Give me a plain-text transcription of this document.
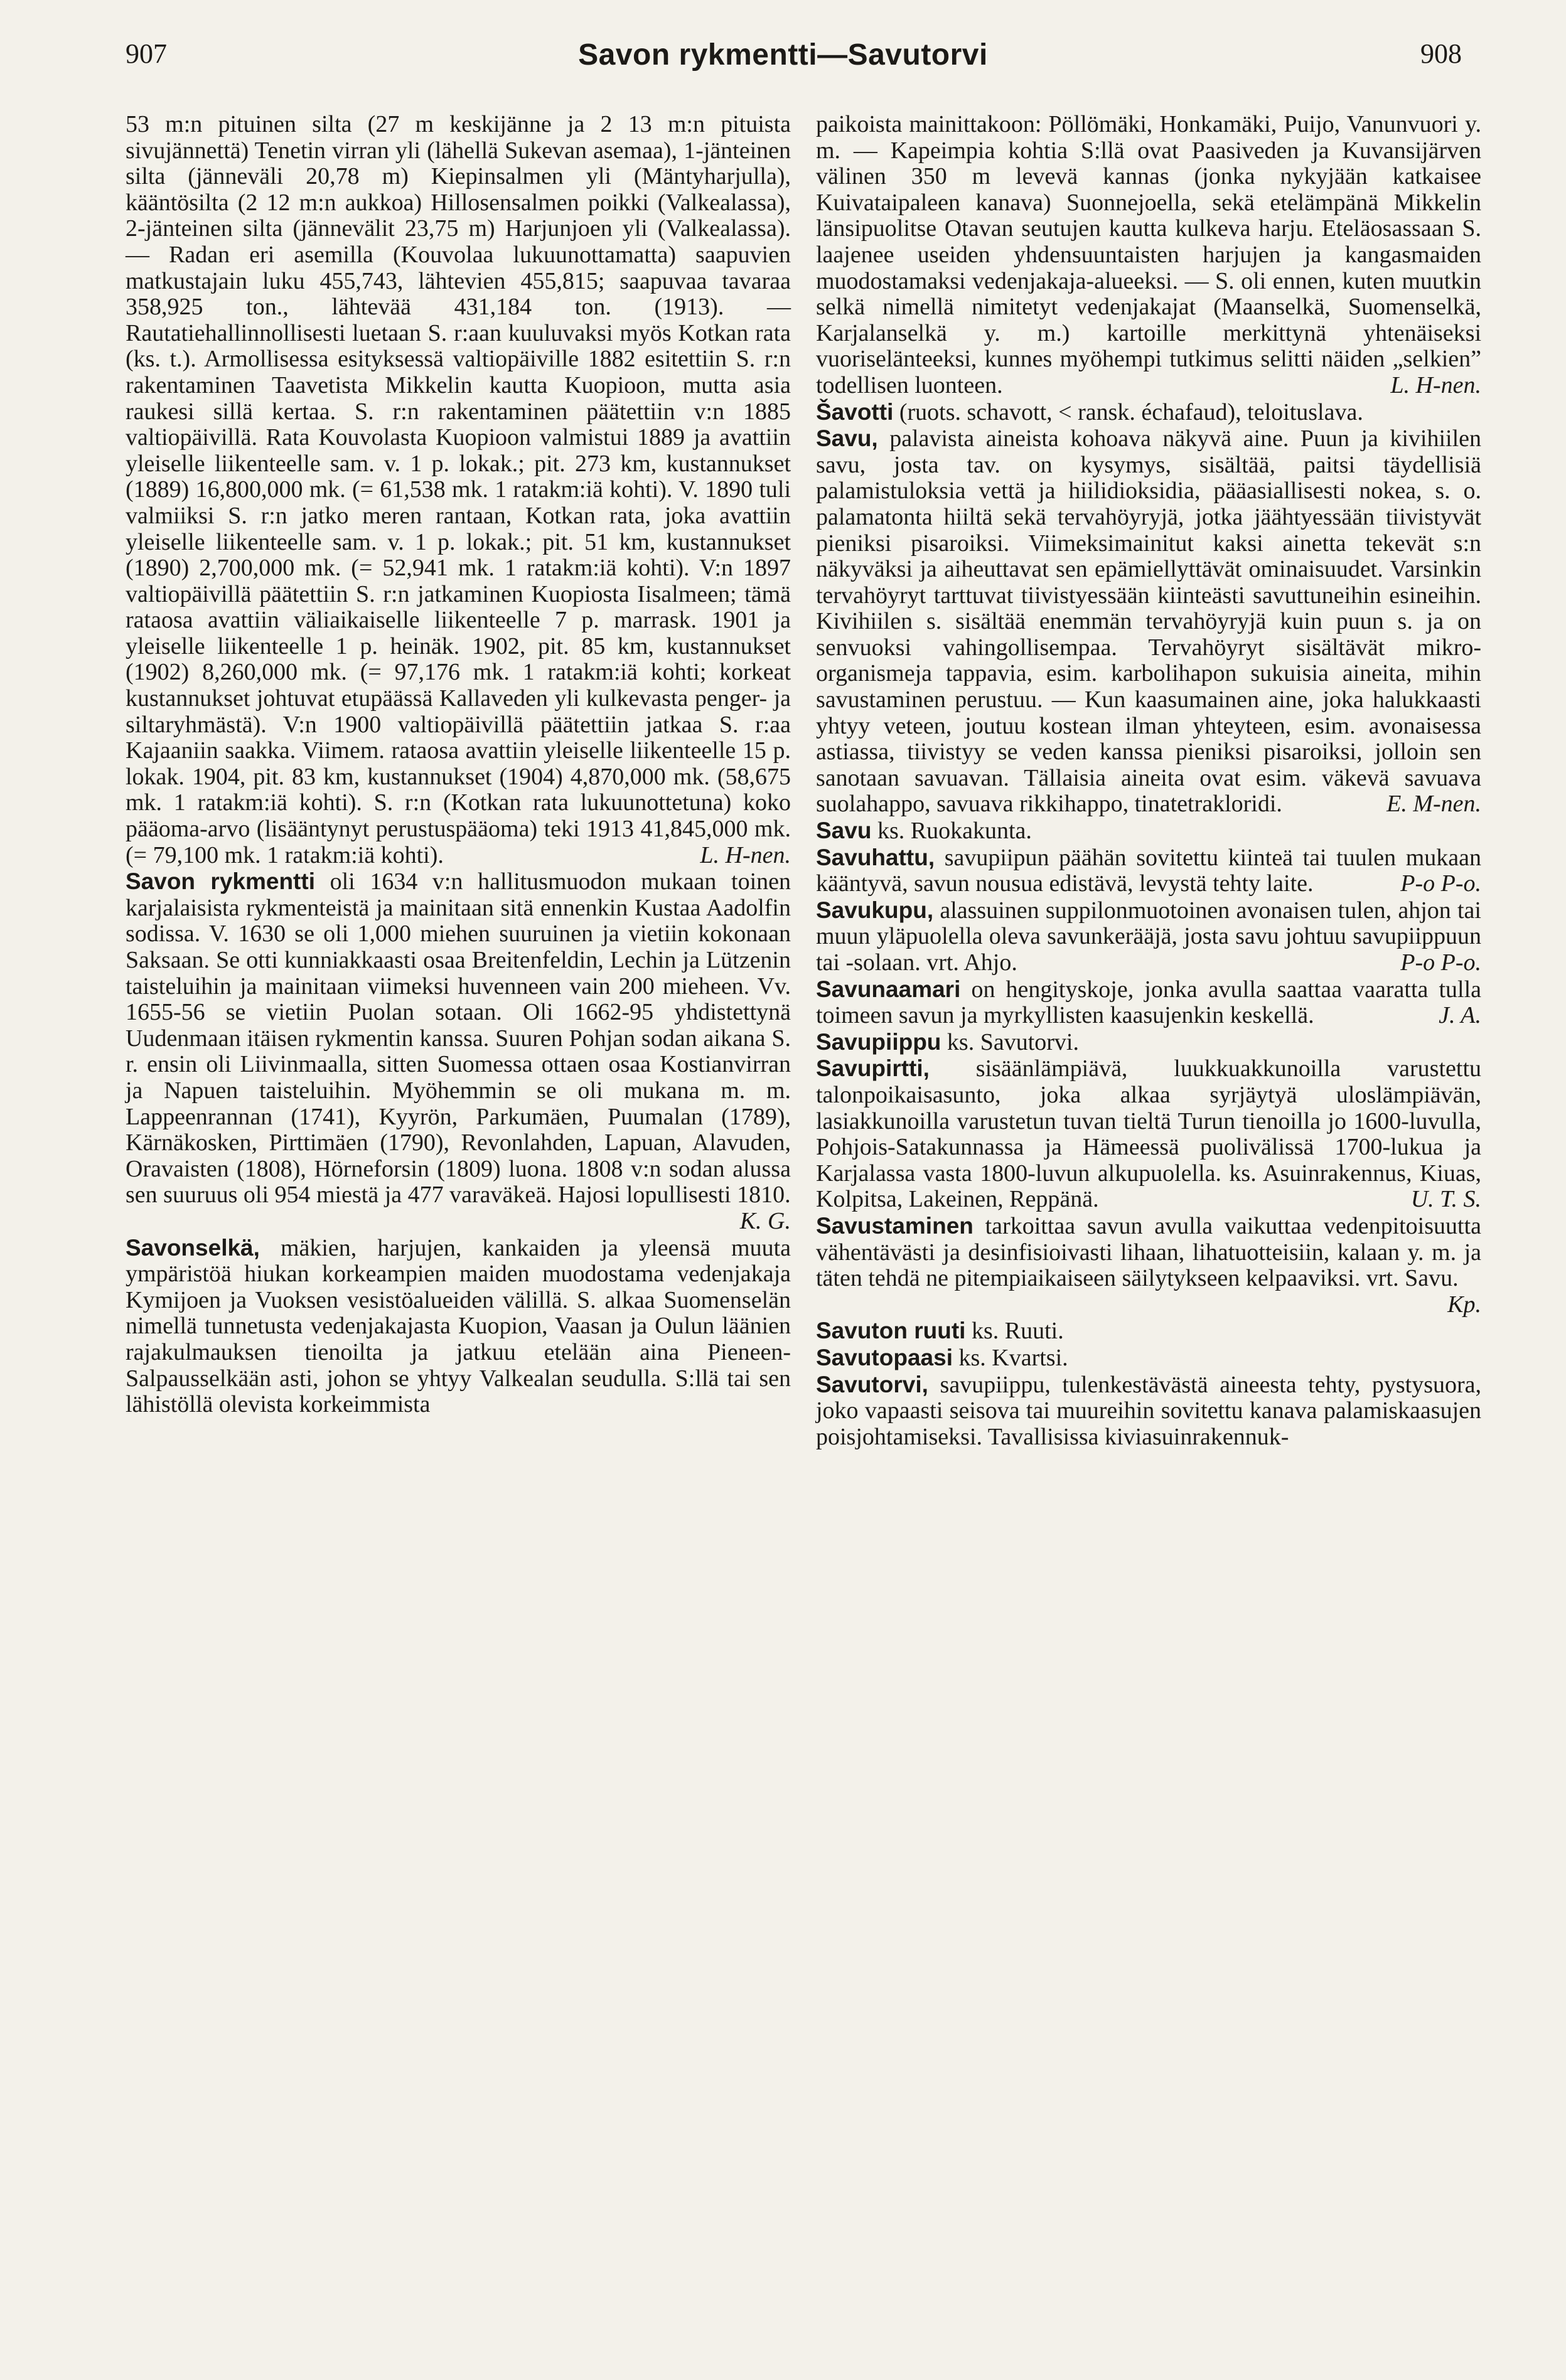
907	Savon rykmentti—Savutorvi	908

53 m:n pituinen silta (27 m keskijänne ja 2 13 m:n pituista sivujännettä) Tenetin virran yli (lähellä Sukevan asemaa), 1-jänteinen silta (jänneväli 20,78 m) Kiepinsalmen yli (Mäntyharjulla), kääntösilta (2 12 m:n aukkoa) Hillosensalmen poikki (Valkealassa), 2-jänteinen silta (jännevälit 23,75 m) Harjunjoen yli (Valkealassa). — Radan eri asemilla (Kouvolaa lukuunottamatta) saapuvien matkustajain luku 455,743, lähtevien 455,815; saapuvaa tavaraa 358,925 ton., lähtevää 431,184 ton. (1913). — Rautatiehallinnollisesti luetaan S. r:aan kuuluvaksi myös Kotkan rata (ks. t.). Armollisessa esityksessä valtiopäiville 1882 esitettiin S. r:n rakentaminen Taavetista Mikkelin kautta Kuopioon, mutta asia raukesi sillä kertaa. S. r:n rakentaminen päätettiin v:n 1885 valtiopäivillä. Rata Kouvolasta Kuopioon valmistui 1889 ja avattiin yleiselle liikenteelle sam. v. 1 p. lokak.; pit. 273 km, kustannukset (1889) 16,800,000 mk. (= 61,538 mk. 1 ratakm:iä kohti). V. 1890 tuli valmiiksi S. r:n jatko meren rantaan, Kotkan rata, joka avattiin yleiselle liikenteelle sam. v. 1 p. lokak.; pit. 51 km, kustannukset (1890) 2,700,000 mk. (= 52,941 mk. 1 ratakm:iä kohti). V:n 1897 valtiopäivillä päätettiin S. r:n jatkaminen Kuopiosta Iisalmeen; tämä rataosa avattiin väliaikaiselle liikenteelle 7 p. marrask. 1901 ja yleiselle liikenteelle 1 p. heinäk. 1902, pit. 85 km, kustannukset (1902) 8,260,000 mk. (= 97,176 mk. 1 ratakm:iä kohti; korkeat kustannukset johtuvat etupäässä Kallaveden yli kulkevasta penger- ja siltaryhmästä). V:n 1900 valtiopäivillä päätettiin jatkaa S. r:aa Kajaaniin saakka. Viimem. rataosa avattiin yleiselle liikenteelle 15 p. lokak. 1904, pit. 83 km, kustannukset (1904) 4,870,000 mk. (58,675 mk. 1 ratakm:iä kohti). S. r:n (Kotkan rata lukuunottetuna) koko pääoma-arvo (lisääntynyt perustuspääoma) teki 1913 41,845,000 mk. (= 79,100 mk. 1 ratakm:iä kohti).	L. H-nen.

Savon rykmentti oli 1634 v:n hallitusmuodon mukaan toinen karjalaisista rykmenteistä ja mainitaan sitä ennenkin Kustaa Aadolfin sodissa. V. 1630 se oli 1,000 miehen suuruinen ja vietiin kokonaan Saksaan. Se otti kunniakkaasti osaa Breitenfeldin, Lechin ja Lützenin taisteluihin ja mainitaan viimeksi huvenneen vain 200 mieheen. Vv. 1655-56 se vietiin Puolan sotaan. Oli 1662-95 yhdistettynä Uudenmaan itäisen rykmentin kanssa. Suuren Pohjan sodan aikana S. r. ensin oli Liivinmaalla, sitten Suomessa ottaen osaa Kostianvirran ja Napuen taisteluihin. Myöhemmin se oli mukana m. m. Lappeenrannan (1741), Kyyrön, Parkumäen, Puumalan (1789), Kärnäkosken, Pirttimäen (1790), Revonlahden, Lapuan, Alavuden, Oravaisten (1808), Hörneforsin (1809) luona. 1808 v:n sodan alussa sen suuruus oli 954 miestä ja 477 varaväkeä. Hajosi lopullisesti 1810.
K. G.

Savonselkä, mäkien, harjujen, kankaiden ja yleensä muuta ympäristöä hiukan korkeampien maiden muodostama vedenjakaja Kymijoen ja Vuoksen vesistöalueiden välillä. S. alkaa Suomenselän nimellä tunnetusta vedenjakajasta Kuopion, Vaasan ja Oulun läänien rajakulmauksen tienoilta ja jatkuu etelään aina Pieneen-Salpausselkään asti, johon se yhtyy Valkealan seudulla. S:llä tai sen lähistöllä olevista korkeimmista

paikoista mainittakoon: Pöllömäki, Honkamäki, Puijo, Vanunvuori y. m. — Kapeimpia kohtia S:llä ovat Paasiveden ja Kuvansijärven välinen 350 m levevä kannas (jonka nykyjään katkaisee Kuivataipaleen kanava) Suonnejoella, sekä etelämpänä Mikkelin länsipuolitse Otavan seutujen kautta kulkeva harju. Eteläosassaan S. laajenee useiden yhdensuuntaisten harjujen ja kangasmaiden muodostamaksi vedenjakaja-alueeksi. — S. oli ennen, kuten muutkin selkä nimellä nimitetyt vedenjakajat (Maanselkä, Suomenselkä, Karjalanselkä y. m.) kartoille merkittynä yhtenäiseksi vuoriselänteeksi, kunnes myöhempi tutkimus selitti näiden „selkien” todellisen luonteen.	L. H-nen.

Šavotti (ruots. schavott, < ransk. échafaud), teloituslava.

Savu, palavista aineista kohoava näkyvä aine. Puun ja kivihiilen savu, josta tav. on kysymys, sisältää, paitsi täydellisiä palamistuloksia vettä ja hiilidioksidia, pääasiallisesti nokea, s. o. palamatonta hiiltä sekä tervahöyryjä, jotka jäähtyessään tiivistyvät pieniksi pisaroiksi. Viimeksimainitut kaksi ainetta tekevät s:n näkyväksi ja aiheuttavat sen epämiellyttävät ominaisuudet. Varsinkin tervahöyryt tarttuvat tiivistyessään kiinteästi savuttuneihin esineihin. Kivihiilen s. sisältää enemmän tervahöyryjä kuin puun s. ja on senvuoksi vahingollisempaa. Tervahöyryt sisältävät mikro-organismeja tappavia, esim. karbolihapon sukuisia aineita, mihin savustaminen perustuu. — Kun kaasumainen aine, joka halukkaasti yhtyy veteen, joutuu kostean ilman yhteyteen, esim. avonaisessa astiassa, tiivistyy se veden kanssa pieniksi pisaroiksi, jolloin sen sanotaan savuavan. Tällaisia aineita ovat esim. väkevä savuava suolahappo, savuava rikkihappo, tinatetrakloridi.	E. M-nen.

Savu ks. Ruokakunta.

Savuhattu, savupiipun päähän sovitettu kiinteä tai tuulen mukaan kääntyvä, savun nousua edistävä, levystä tehty laite.	P-o P-o.

Savukupu, alassuinen suppilonmuotoinen avonaisen tulen, ahjon tai muun yläpuolella oleva savunkerääjä, josta savu johtuu savupiippuun tai -solaan. vrt. Ahjo.	P-o P-o.

Savunaamari on hengityskoje, jonka avulla saattaa vaaratta tulla toimeen savun ja myrkyllisten kaasujenkin keskellä.	J. A.

Savupiippu ks. Savutorvi.

Savupirtti, sisäänlämpiävä, luukkuakkunoilla varustettu talonpoikaisasunto, joka alkaa syrjäytyä uloslämpiävän, lasiakkunoilla varustetun tuvan tieltä Turun tienoilla jo 1600-luvulla, Pohjois-Satakunnassa ja Hämeessä puolivälissä 1700-lukua ja Karjalassa vasta 1800-luvun alkupuolella. ks. Asuinrakennus, Kiuas, Kolpitsa, Lakeinen, Reppänä.	U. T. S.

Savustaminen tarkoittaa savun avulla vaikuttaa vedenpitoisuutta vähentävästi ja desinfisioivasti lihaan, lihatuotteisiin, kalaan y. m. ja täten tehdä ne pitempiaikaiseen säilytykseen kelpaaviksi. vrt. Savu.
Kp.

Savuton ruuti ks. Ruuti.

Savutopaasi ks. Kvartsi.

Savutorvi, savupiippu, tulenkestävästä aineesta tehty, pystysuora, joko vapaasti seisova tai muureihin sovitettu kanava palamiskaasujen poisjohtamiseksi. Tavallisissa kiviasuinrakennuk-
